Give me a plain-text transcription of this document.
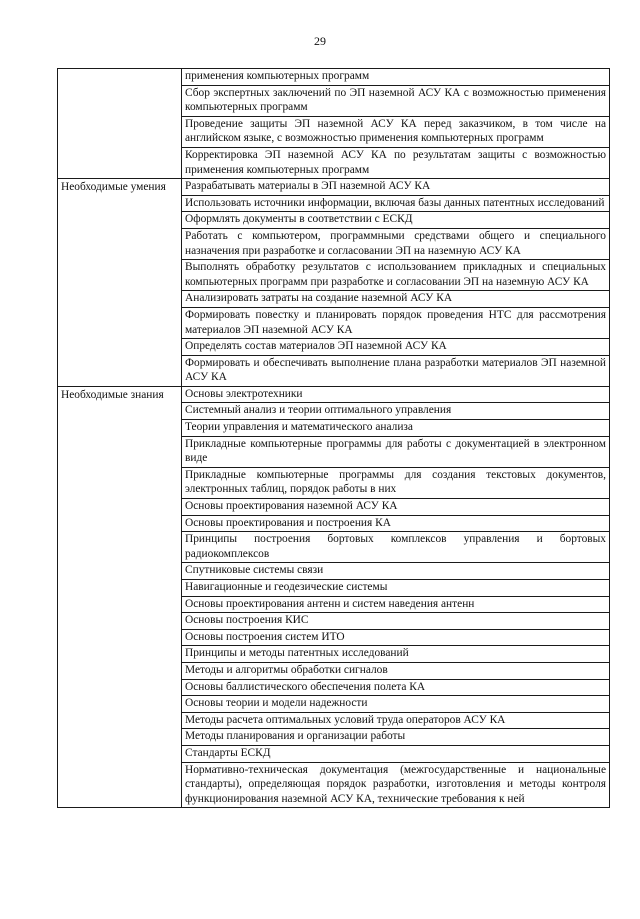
29
	применения компьютерных программ
	Сбор экспертных заключений по ЭП наземной АСУ КА с возможностью применения компьютерных программ
	Проведение защиты ЭП наземной АСУ КА перед заказчиком, в том числе на английском языке, с возможностью применения компьютерных программ
	Корректировка ЭП наземной АСУ КА по результатам защиты с возможностью применения компьютерных программ

Необходимые умения	Разрабатывать материалы в ЭП наземной АСУ КА
	Использовать источники информации, включая базы данных патентных исследований
	Оформлять документы в соответствии с ЕСКД
	Работать с компьютером, программными средствами общего и специального назначения при разработке и согласовании ЭП на наземную АСУ КА
	Выполнять обработку результатов с использованием прикладных и специальных компьютерных программ при разработке и согласовании ЭП на наземную АСУ КА
	Анализировать затраты на создание наземной АСУ КА
	Формировать повестку и планировать порядок проведения НТС для рассмотрения материалов ЭП наземной АСУ КА
	Определять состав материалов ЭП наземной АСУ КА
	Формировать и обеспечивать выполнение плана разработки материалов ЭП наземной АСУ КА

Необходимые знания	Основы электротехники
	Системный анализ и теории оптимального управления
	Теории управления и математического анализа
	Прикладные компьютерные программы для работы с документацией в электронном виде
	Прикладные компьютерные программы для создания текстовых документов, электронных таблиц, порядок работы в них
	Основы проектирования наземной АСУ КА
	Основы проектирования и построения КА
	Принципы построения бортовых комплексов управления и бортовых радиокомплексов
	Спутниковые системы связи
	Навигационные и геодезические системы
	Основы проектирования антенн и систем наведения антенн
	Основы построения КИС
	Основы построения систем ИТО
	Принципы и методы патентных исследований
	Методы и алгоритмы обработки сигналов
	Основы баллистического обеспечения полета КА
	Основы теории и модели надежности
	Методы расчета оптимальных условий труда операторов АСУ КА
	Методы планирования и организации работы
	Стандарты ЕСКД
	Нормативно-техническая документация (межгосударственные и национальные стандарты), определяющая порядок разработки, изготовления и методы контроля функционирования наземной АСУ КА, технические требования к ней
